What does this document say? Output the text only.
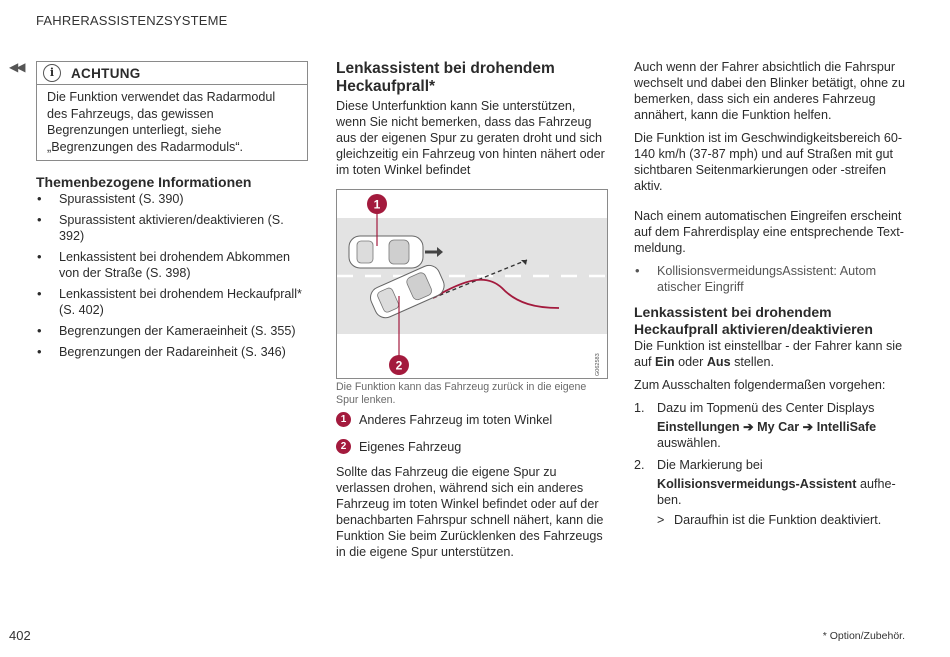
FAHRERASSISTENZSYSTEME
◀◀	i	ACHTUNG
Die Funktion verwendet das Radarmodul des Fahrzeugs, das gewissen Begrenzungen unterliegt, siehe „Begrenzungen des Radarmoduls“.
Themenbezogene Informationen
• Spurassistent (S. 390)
• Spurassistent aktivieren/deaktivieren (S. 392)
• Lenkassistent bei drohendem Abkommen von der Straße (S. 398)
• Lenkassistent bei drohendem Heckaufprall* (S. 402)
• Begrenzungen der Kameraeinheit (S. 355)
• Begrenzungen der Radareinheit (S. 346)
Lenkassistent bei drohendem
Heckaufprall*
Diese Unterfunktion kann Sie unterstützen, wenn Sie nicht bemerken, dass das Fahrzeug aus der eigenen Spur zu geraten droht und sich gleichzeitig ein Fahrzeug von hinten nähert oder im toten Winkel befindet
1
2	G062583
Die Funktion kann das Fahrzeug zurück in die eigene Spur lenken.
1	Anderes Fahrzeug im toten Winkel
2	Eigenes Fahrzeug
Sollte das Fahrzeug die eigene Spur zu verlassen drohen, während sich ein anderes Fahrzeug im toten Winkel befindet oder auf der benachbarten Fahrspur schnell nähert, kann die Funktion Sie beim Zurücklenken des Fahrzeugs in die eigene Spur unterstützen.
Auch wenn der Fahrer absichtlich die Fahrspur wechselt und dabei den Blinker betätigt, ohne zu bemerken, dass sich ein anderes Fahrzeug annähert, kann die Funktion helfen.
Die Funktion ist im Geschwindigkeitsbereich 60-140 km/h (37-87 mph) und auf Straßen mit gut sichtbaren Seitenmarkierungen oder -streifen aktiv.
Nach einem automatischen Eingreifen erscheint auf dem Fahrerdisplay eine entsprechende Textmeldung.
• KollisionsvermeidungsAssistent: Autom atischer Eingriff
Lenkassistent bei drohendem
Heckaufprall aktivieren/deaktivieren
Die Funktion ist einstellbar - der Fahrer kann sie auf Ein oder Aus stellen.
Zum Ausschalten folgendermaßen vorgehen:
1. Dazu im Topmenü des Center Displays
Einstellungen ➔ My Car ➔ IntelliSafe
auswählen.
2. Die Markierung bei
Kollisionsvermeidungs-Assistent aufheben.
> Daraufhin ist die Funktion deaktiviert.
402	* Option/Zubehör.
